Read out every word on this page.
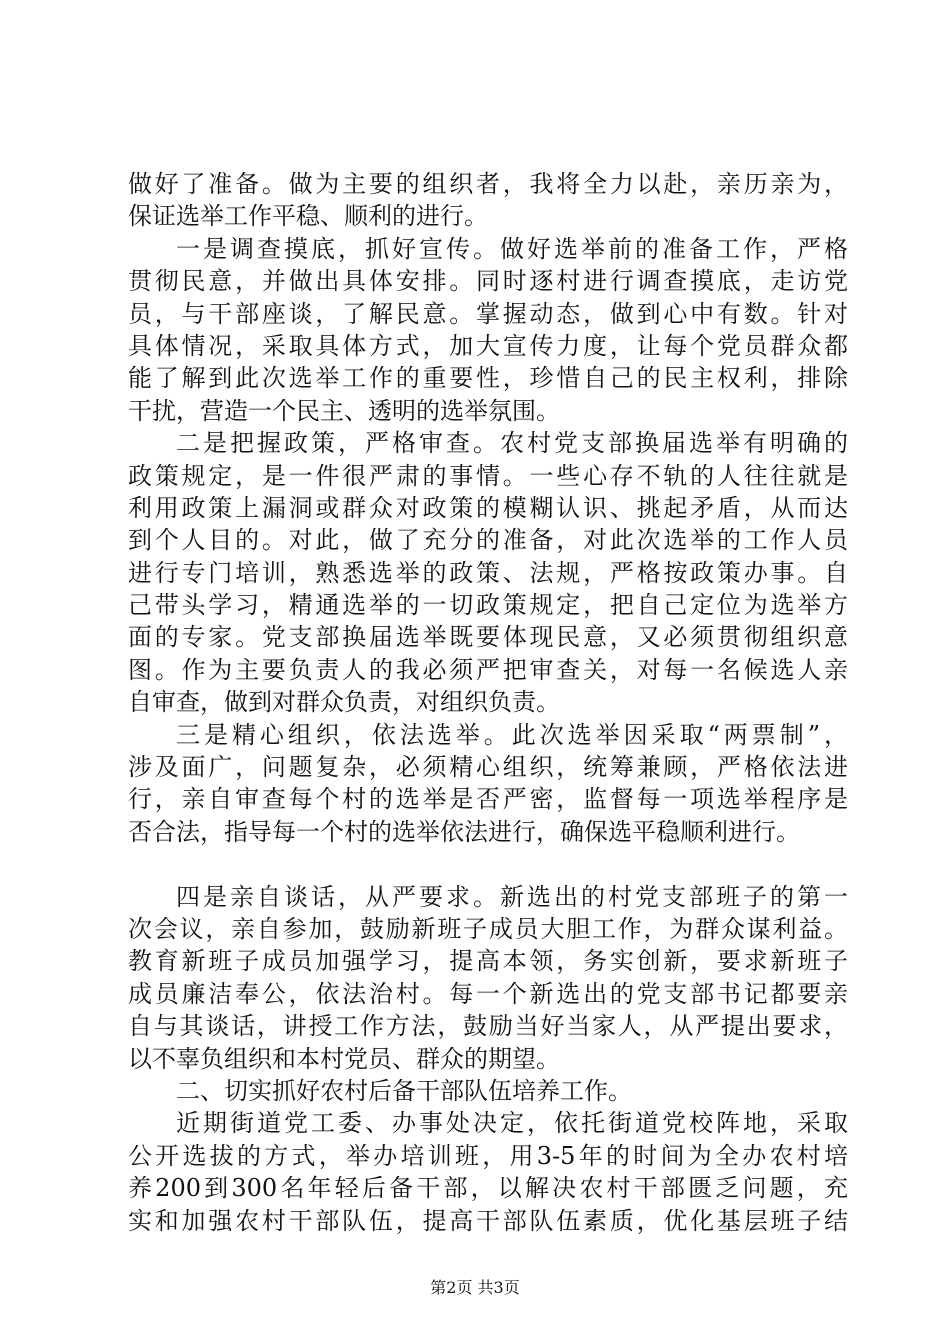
做好了准备。做为主要的组织者，我将全力以赴，亲历亲为，
保证选举工作平稳、顺利的进行。
一是调查摸底，抓好宣传。做好选举前的准备工作，严格
贯彻民意，并做出具体安排。同时逐村进行调查摸底，走访党
员，与干部座谈，了解民意。掌握动态，做到心中有数。针对
具体情况，采取具体方式，加大宣传力度，让每个党员群众都
能了解到此次选举工作的重要性，珍惜自己的民主权利，排除
干扰，营造一个民主、透明的选举氛围。
二是把握政策，严格审查。农村党支部换届选举有明确的
政策规定，是一件很严肃的事情。一些心存不轨的人往往就是
利用政策上漏洞或群众对政策的模糊认识、挑起矛盾，从而达
到个人目的。对此，做了充分的准备，对此次选举的工作人员
进行专门培训，熟悉选举的政策、法规，严格按政策办事。自
己带头学习，精通选举的一切政策规定，把自己定位为选举方
面的专家。党支部换届选举既要体现民意，又必须贯彻组织意
图。作为主要负责人的我必须严把审查关，对每一名候选人亲
自审查，做到对群众负责，对组织负责。
三是精心组织，依法选举。此次选举因采取“两票制”，
涉及面广，问题复杂，必须精心组织，统筹兼顾，严格依法进
行，亲自审查每个村的选举是否严密，监督每一项选举程序是
否合法，指导每一个村的选举依法进行，确保选平稳顺利进行。
四是亲自谈话，从严要求。新选出的村党支部班子的第一
次会议，亲自参加，鼓励新班子成员大胆工作，为群众谋利益。
教育新班子成员加强学习，提高本领，务实创新，要求新班子
成员廉洁奉公，依法治村。每一个新选出的党支部书记都要亲
自与其谈话，讲授工作方法，鼓励当好当家人，从严提出要求，
以不辜负组织和本村党员、群众的期望。
二、切实抓好农村后备干部队伍培养工作。
近期街道党工委、办事处决定，依托街道党校阵地，采取
公开选拔的方式，举办培训班，用3-5年的时间为全办农村培
养200到300名年轻后备干部，以解决农村干部匮乏问题，充
实和加强农村干部队伍，提高干部队伍素质，优化基层班子结
第2页 共3页
